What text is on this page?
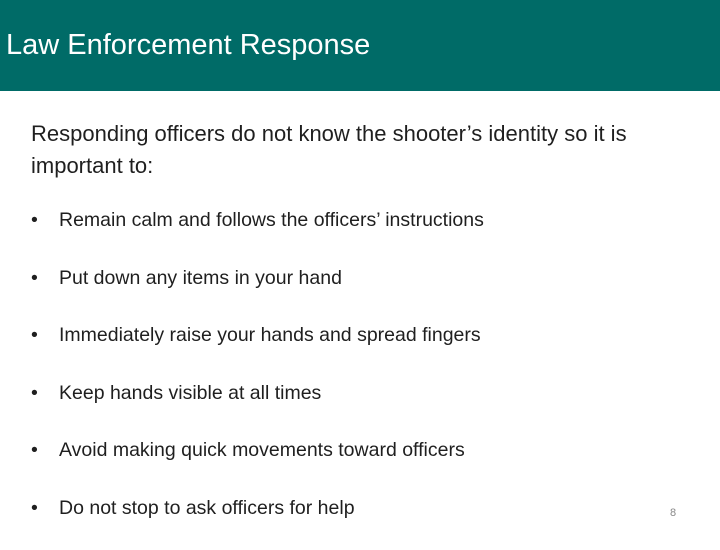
Law Enforcement Response
Responding officers do not know the shooter’s identity so it is important to:
• Remain calm and follows the officers’ instructions
• Put down any items in your hand
• Immediately raise your hands and spread fingers
• Keep hands visible at all times
• Avoid making quick movements toward officers
• Do not stop to ask officers for help	8
